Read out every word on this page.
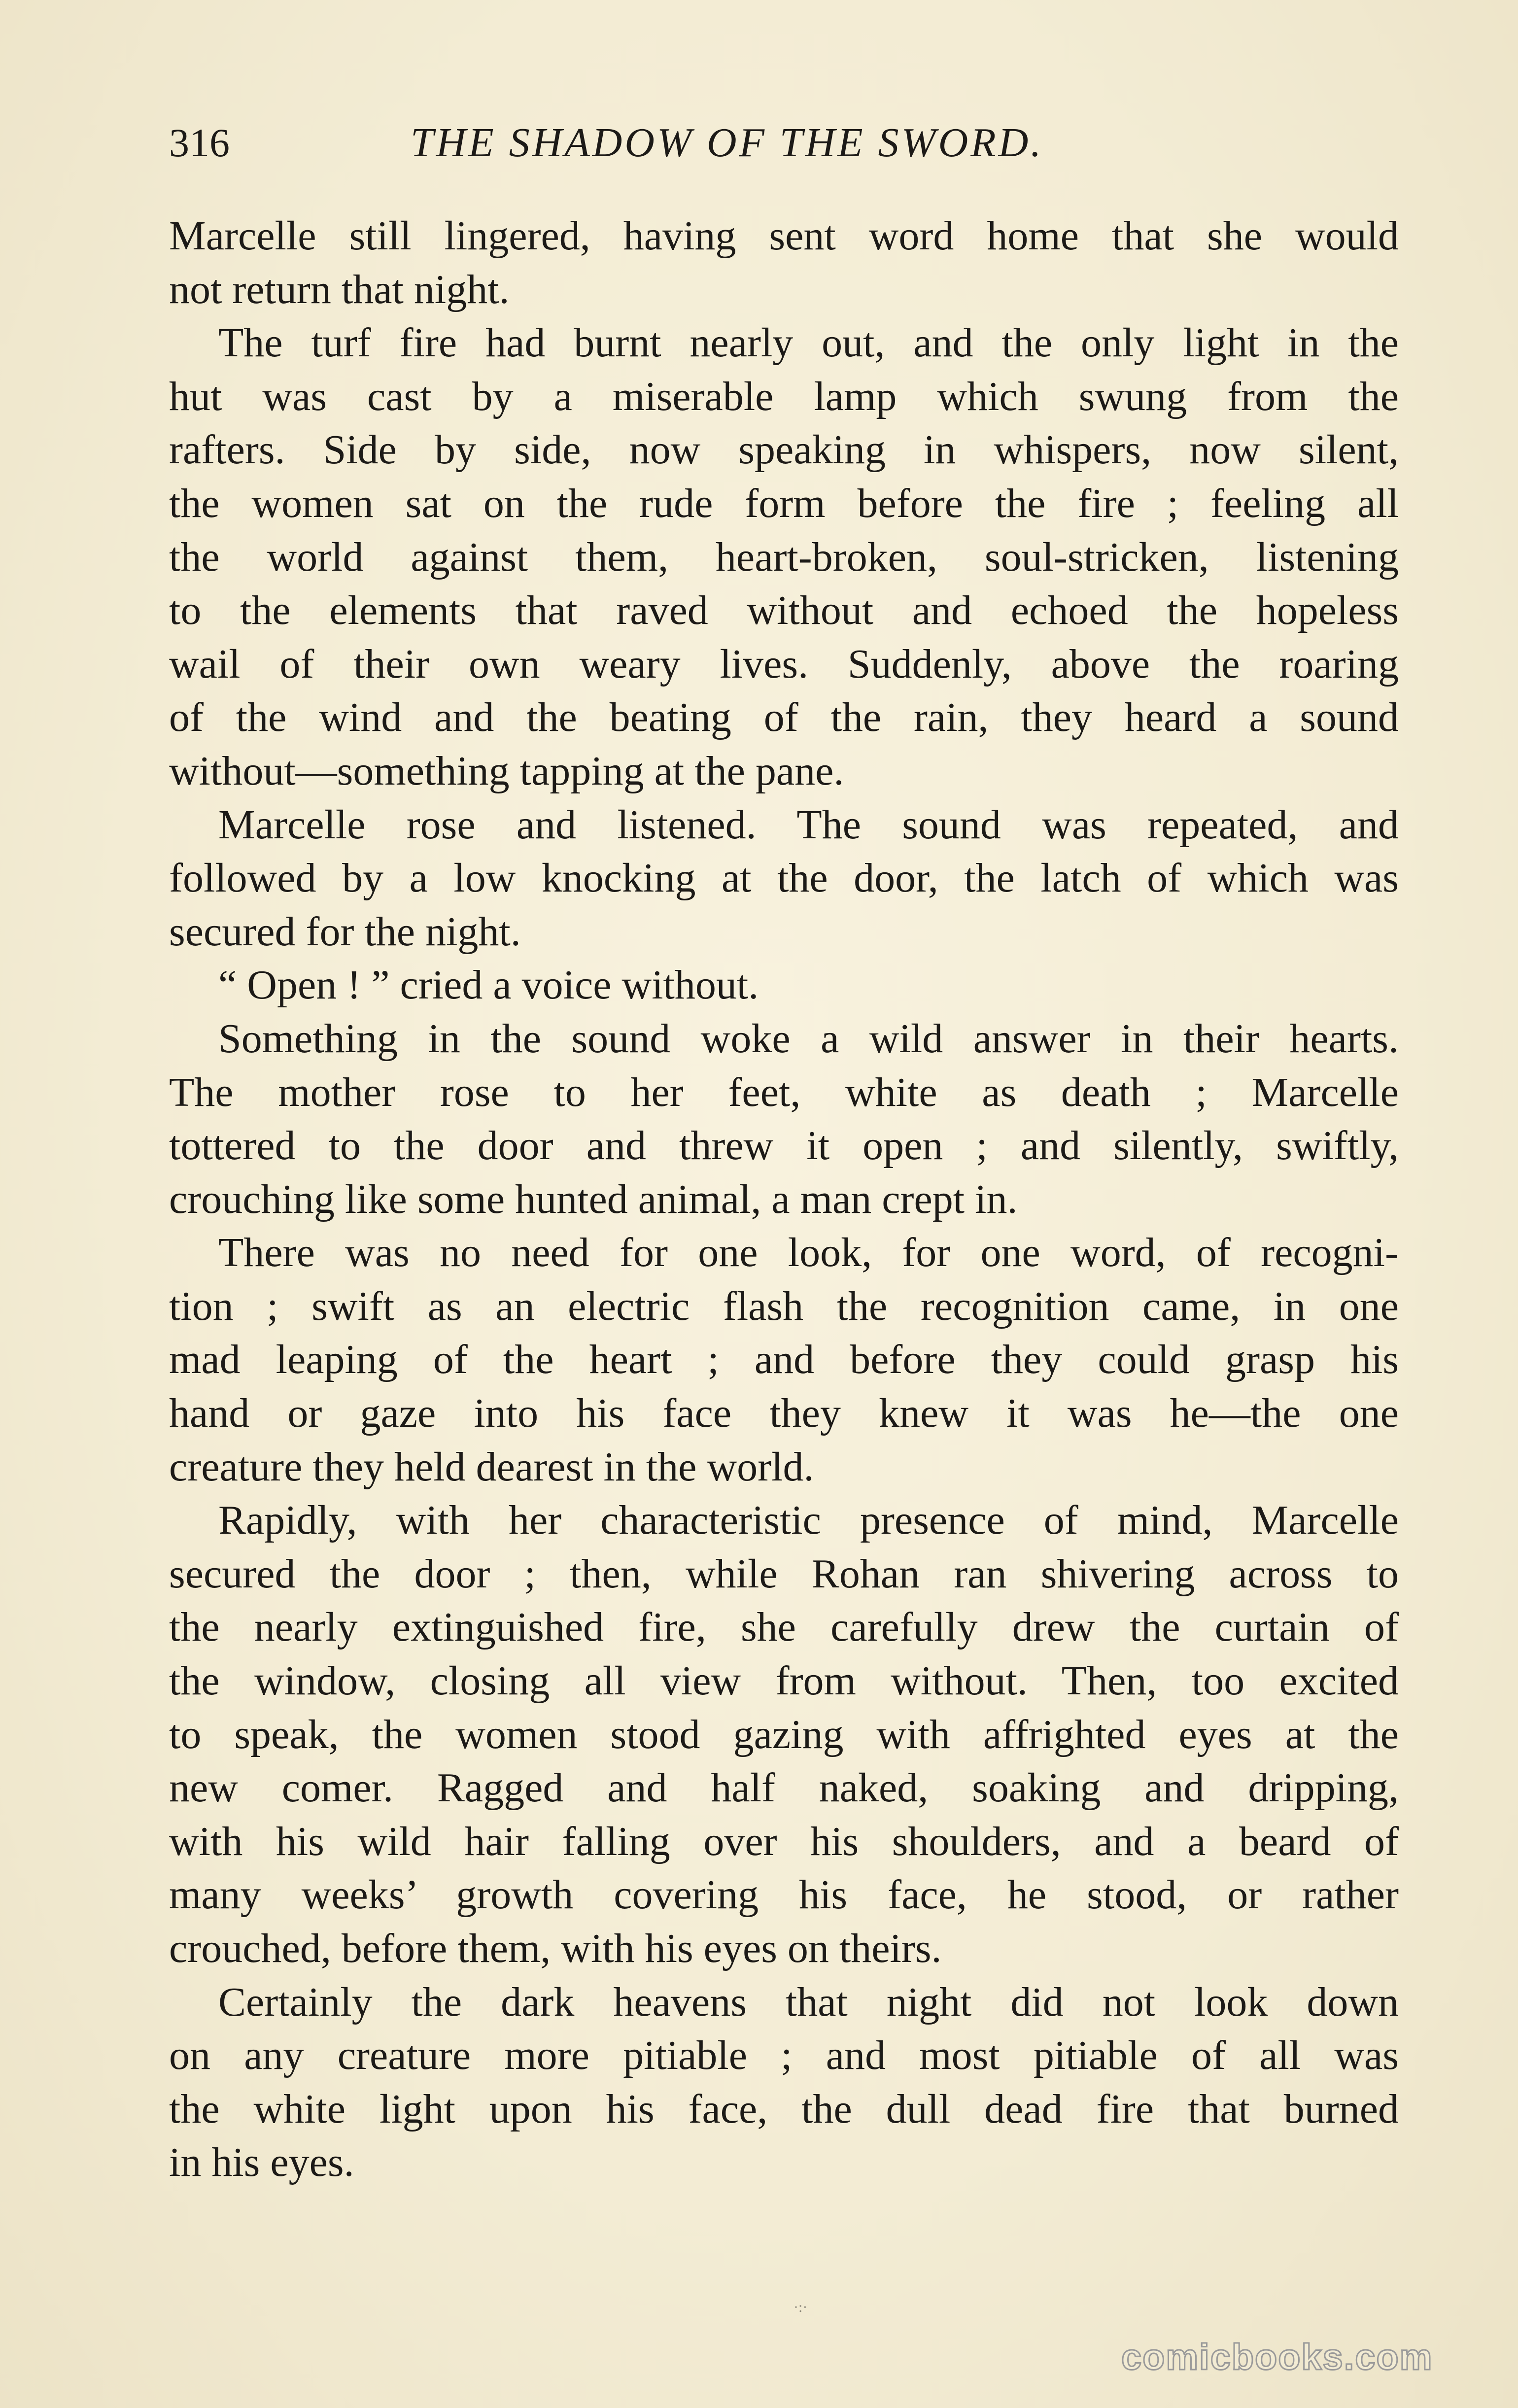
316	THE SHADOW OF THE SWORD.

Marcelle still lingered, having sent word home that she would
not return that night.

The turf fire had burnt nearly out, and the only light in the
hut was cast by a miserable lamp which swung from the
rafters. Side by side, now speaking in whispers, now silent,
the women sat on the rude form before the fire ; feeling all
the world against them, heart-broken, soul-stricken, listening
to the elements that raved without and echoed the hopeless
wail of their own weary lives. Suddenly, above the roaring
of the wind and the beating of the rain, they heard a sound
without—something tapping at the pane.

Marcelle rose and listened. The sound was repeated, and
followed by a low knocking at the door, the latch of which was
secured for the night.

“ Open ! ” cried a voice without.

Something in the sound woke a wild answer in their hearts.
The mother rose to her feet, white as death ; Marcelle
tottered to the door and threw it open ; and silently, swiftly,
crouching like some hunted animal, a man crept in.

There was no need for one look, for one word, of recogni-
tion ; swift as an electric flash the recognition came, in one
mad leaping of the heart ; and before they could grasp his
hand or gaze into his face they knew it was he—the one
creature they held dearest in the world.

Rapidly, with her characteristic presence of mind, Marcelle
secured the door ; then, while Rohan ran shivering across to
the nearly extinguished fire, she carefully drew the curtain of
the window, closing all view from without. Then, too excited
to speak, the women stood gazing with affrighted eyes at the
new comer. Ragged and half naked, soaking and dripping,
with his wild hair falling over his shoulders, and a beard of
many weeks’ growth covering his face, he stood, or rather
crouched, before them, with his eyes on theirs.

Certainly the dark heavens that night did not look down
on any creature more pitiable ; and most pitiable of all was
the white light upon his face, the dull dead fire that burned
in his eyes.

·:·
comicbooks.com
